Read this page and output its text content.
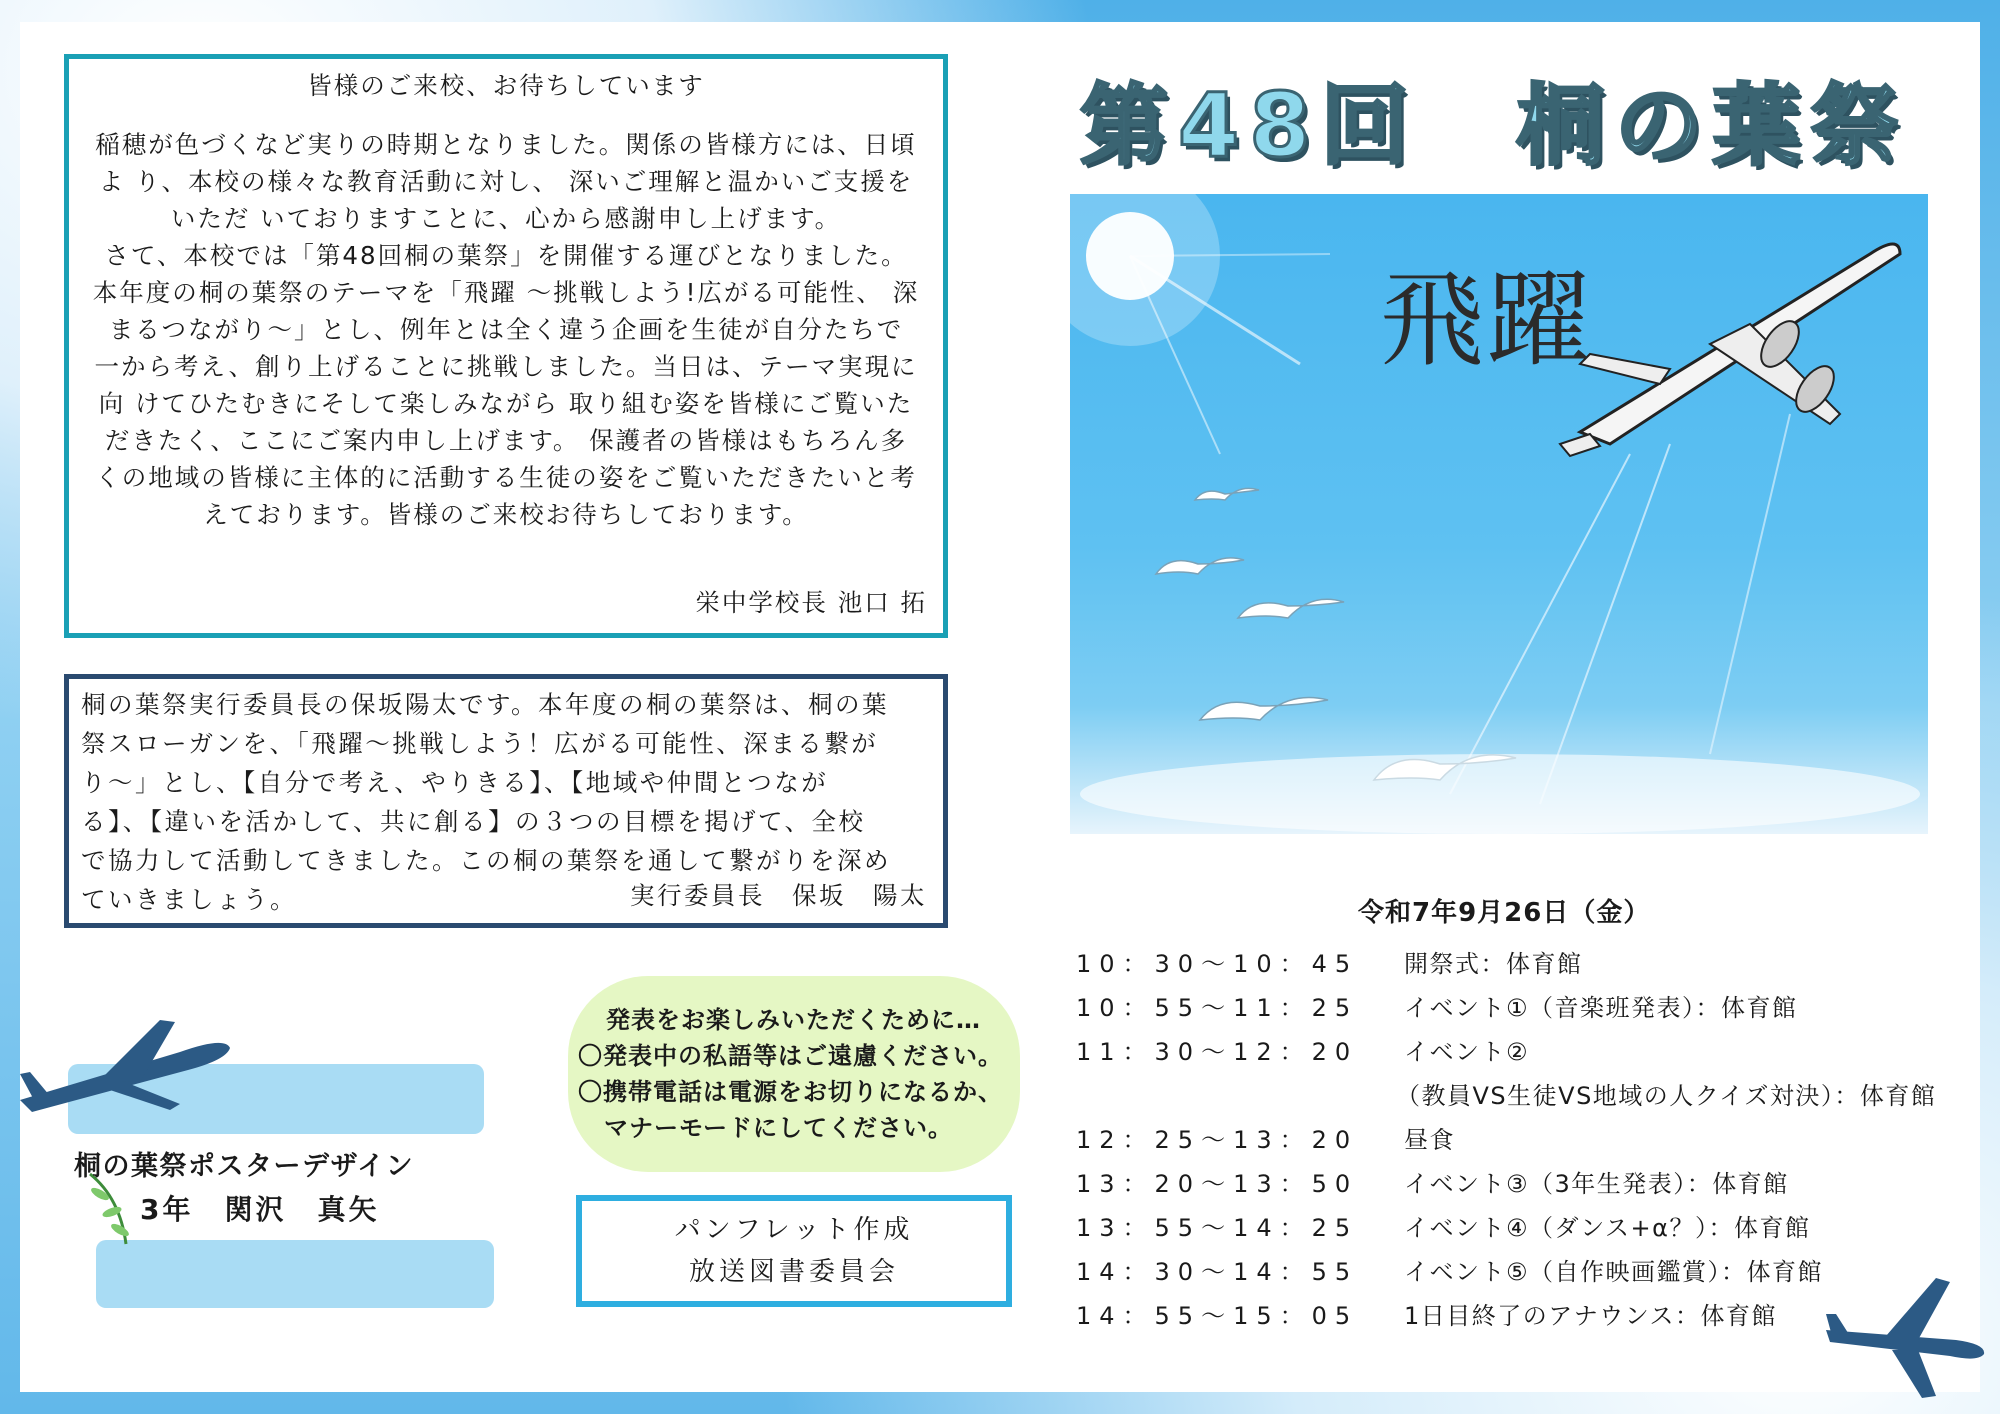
皆様のご来校、お待ちしています

稲穂が色づくなど実りの時期となりました。関係の皆様方には、日頃
よ り、本校の様々な教育活動に対し、 深いご理解と温かいご支援を
いただ いておりますことに、心から感謝申し上げます。
さて、本校では「第48回桐の葉祭」を開催する運びとなりました。
本年度の桐の葉祭のテーマを「飛躍 ～挑戦しよう!広がる可能性、 深
まるつながり～」とし、例年とは全く違う企画を生徒が自分たちで
一から考え、創り上げることに挑戦しました。当日は、テーマ実現に
向 けてひたむきにそして楽しみながら 取り組む姿を皆様にご覧いた
だきたく、ここにご案内申し上げます。 保護者の皆様はもちろん多
くの地域の皆様に主体的に活動する生徒の姿をご覧いただきたいと考
えております。皆様のご来校お待ちしております。

栄中学校長 池口 拓

桐の葉祭実行委員長の保坂陽太です。本年度の桐の葉祭は、桐の葉
祭スローガンを、「飛躍～挑戦しよう！広がる可能性、深まる繋が
り～」とし、【自分で考え、やりきる】、【地域や仲間とつなが
る】、【違いを活かして、共に創る】の３つの目標を掲げて、全校
で協力して活動してきました。この桐の葉祭を通して繋がりを深め
ていきましょう。	実行委員長　保坂　陽太
第48回　桐の葉祭
飛躍
令和7年9月26日（金）
10：30～10：45 開祭式：体育館
10：55～11：25 イベント①（音楽班発表）：体育館
11：30～12：20 イベント②
（教員VS生徒VS地域の人クイズ対決）：体育館
12：25～13：20 昼食
13：20～13：50 イベント③（3年生発表）：体育館
13：55～14：25 イベント④（ダンス+α？）：体育館
14：30～14：55 イベント⑤（自作映画鑑賞）：体育館
14：55～15：05 1日目終了のアナウンス：体育館
発表をお楽しみいただくために…
〇発表中の私語等はご遠慮ください。
〇携帯電話は電源をお切りになるか、
マナーモードにしてください。
パンフレット作成
放送図書委員会
桐の葉祭ポスターデザイン
3年　関沢　真矢
